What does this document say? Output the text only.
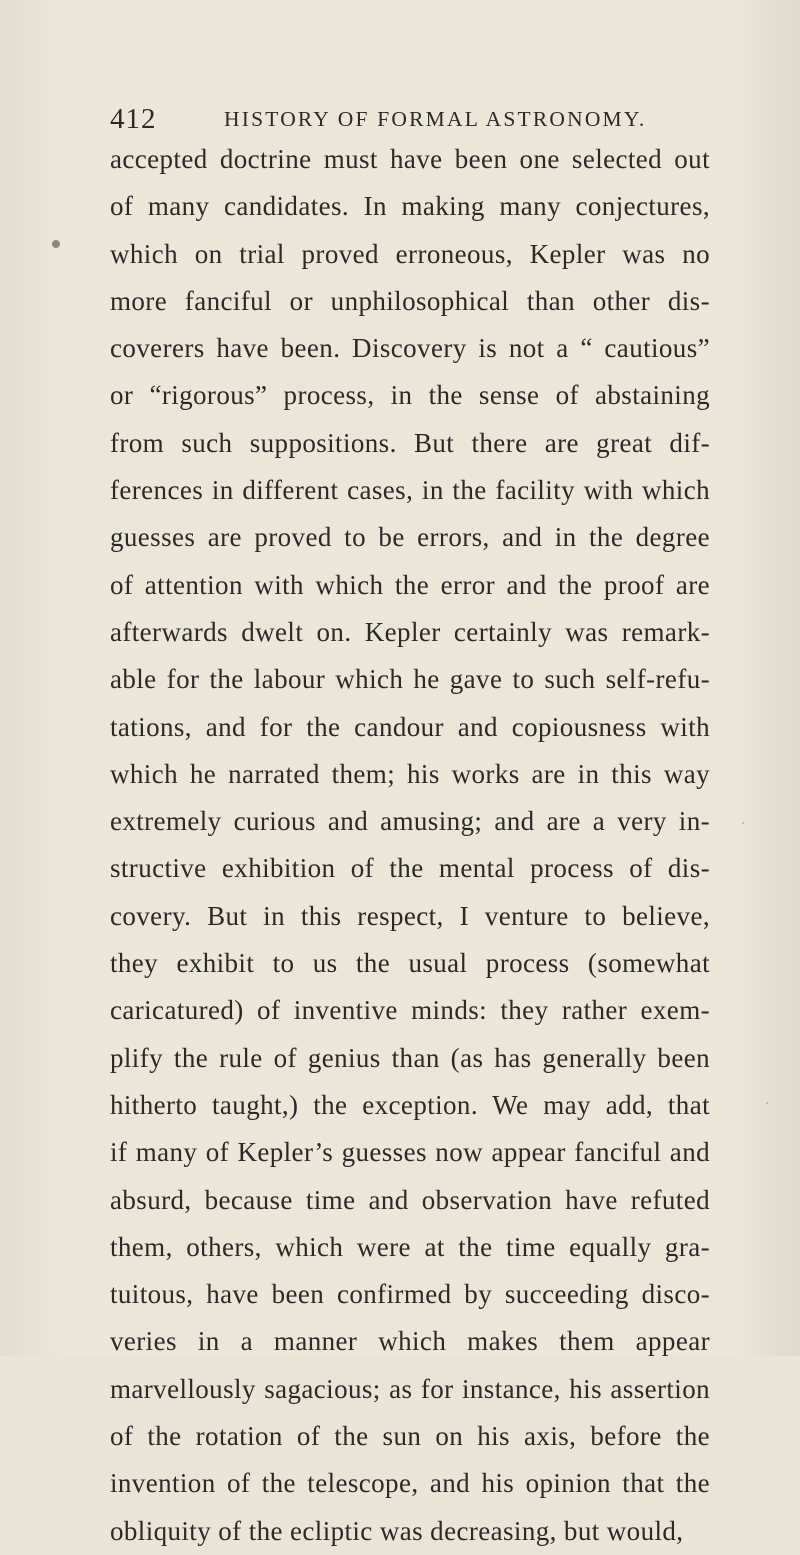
412	HISTORY OF FORMAL ASTRONOMY.
accepted doctrine must have been one selected out
of many candidates. In making many conjectures,
which on trial proved erroneous, Kepler was no
more fanciful or unphilosophical than other dis-
coverers have been. Discovery is not a “ cautious”
or “rigorous” process, in the sense of abstaining
from such suppositions. But there are great dif-
ferences in different cases, in the facility with which
guesses are proved to be errors, and in the degree
of attention with which the error and the proof are
afterwards dwelt on. Kepler certainly was remark-
able for the labour which he gave to such self-refu-
tations, and for the candour and copiousness with
which he narrated them; his works are in this way
extremely curious and amusing; and are a very in-
structive exhibition of the mental process of dis-
covery. But in this respect, I venture to believe,
they exhibit to us the usual process (somewhat
caricatured) of inventive minds: they rather exem-
plify the rule of genius than (as has generally been
hitherto taught,) the exception. We may add, that
if many of Kepler’s guesses now appear fanciful and
absurd, because time and observation have refuted
them, others, which were at the time equally gra-
tuitous, have been confirmed by succeeding disco-
veries in a manner which makes them appear
marvellously sagacious; as for instance, his assertion
of the rotation of the sun on his axis, before the
invention of the telescope, and his opinion that the
obliquity of the ecliptic was decreasing, but would,
